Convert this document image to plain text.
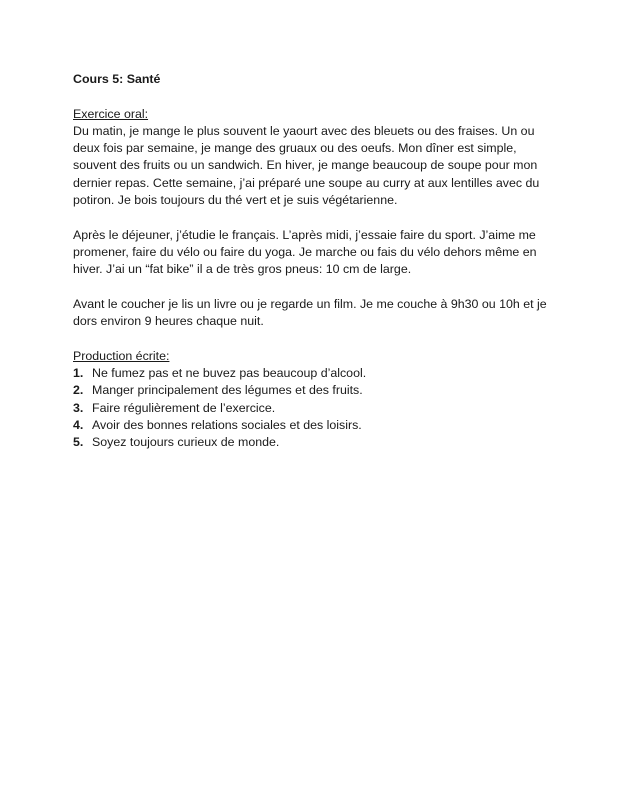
Cours 5: Santé

Exercice oral:

Du matin, je mange le plus souvent le yaourt avec des bleuets ou des fraises. Un ou deux fois par semaine, je mange des gruaux ou des oeufs. Mon dîner est simple, souvent des fruits ou un sandwich. En hiver, je mange beaucoup de soupe pour mon dernier repas. Cette semaine, j’ai préparé une soupe au curry at aux lentilles avec du potiron. Je bois toujours du thé vert et je suis végétarienne.

Après le déjeuner, j’étudie le français. L’après midi, j’essaie faire du sport. J’aime me promener, faire du vélo ou faire du yoga. Je marche ou fais du vélo dehors même en hiver. J’ai un “fat bike” il a de très gros pneus: 10 cm de large.

Avant le coucher je lis un livre ou je regarde un film. Je me couche à 9h30 ou 10h et je dors environ 9 heures chaque nuit.

Production écrite:

1. Ne fumez pas et ne buvez pas beaucoup d’alcool.
2. Manger principalement des légumes et des fruits.
3. Faire régulièrement de l’exercice.
4. Avoir des bonnes relations sociales et des loisirs.
5. Soyez toujours curieux de monde.
